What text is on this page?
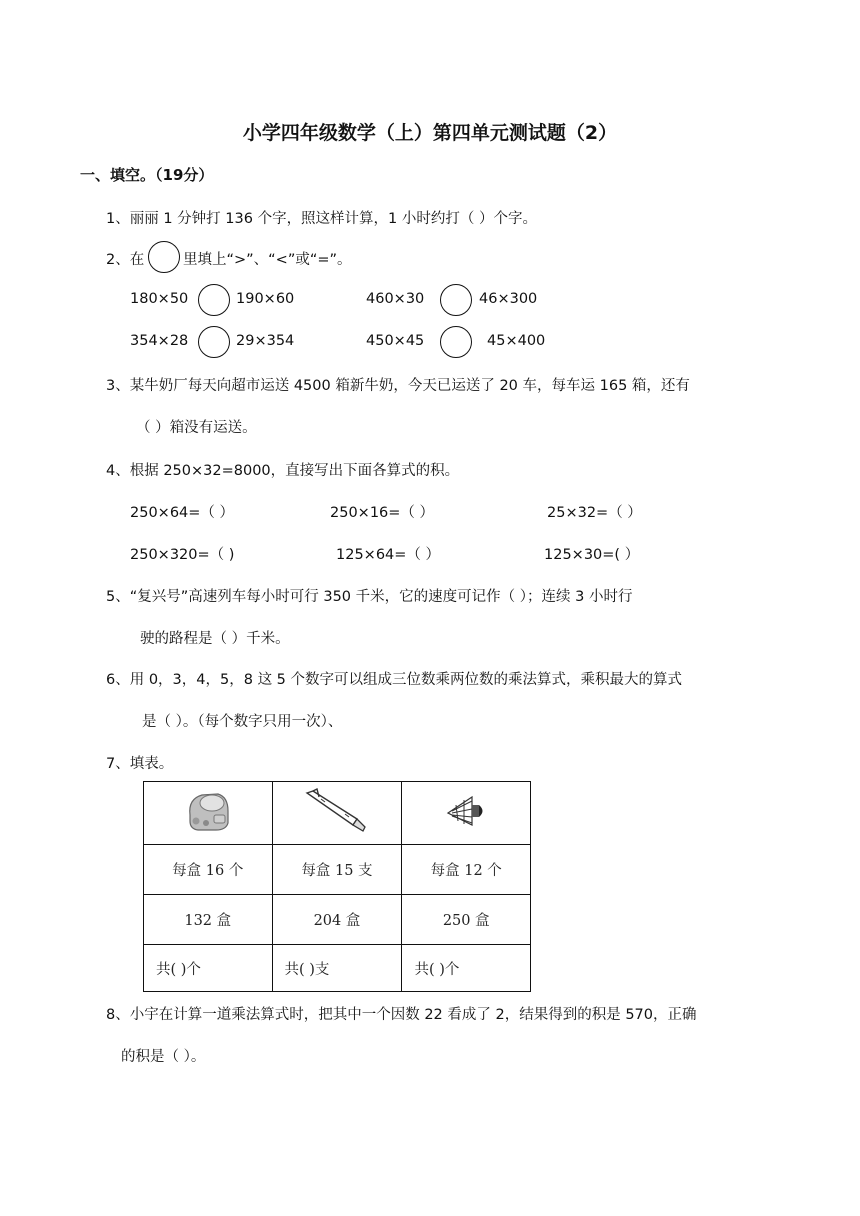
小学四年级数学（上）第四单元测试题（2）
一、填空。（19分）
1、丽丽 1 分钟打 136 个字，照这样计算，1 小时约打（ ）个字。
2、在	里填上“>”、“<”或“=”。
180×50	190×60	460×30	46×300
354×28	29×354	450×45	45×400
3、某牛奶厂每天向超市运送 4500 箱新牛奶，今天已运送了 20 车，每车运 165 箱，还有
（ ）箱没有运送。
4、根据 250×32=8000，直接写出下面各算式的积。
250×64=（ ）	250×16=（ ）	25×32=（ ）
250×320=（ )	125×64=（ ）	125×30=( ）
5、“复兴号”高速列车每小时可行 350 千米，它的速度可记作（ ）；连续 3 小时行
驶的路程是（ ）千米。
6、用 0，3，4，5，8 这 5 个数字可以组成三位数乘两位数的乘法算式，乘积最大的算式
是（ ）。（每个数字只用一次）、
7、填表。

每盒 16 个	每盒 15 支	每盒 12 个
132 盒	204 盒	250 盒
共( )个	共( )支	共( )个
8、小宇在计算一道乘法算式时，把其中一个因数 22 看成了 2，结果得到的积是 570，正确
的积是（ ）。
